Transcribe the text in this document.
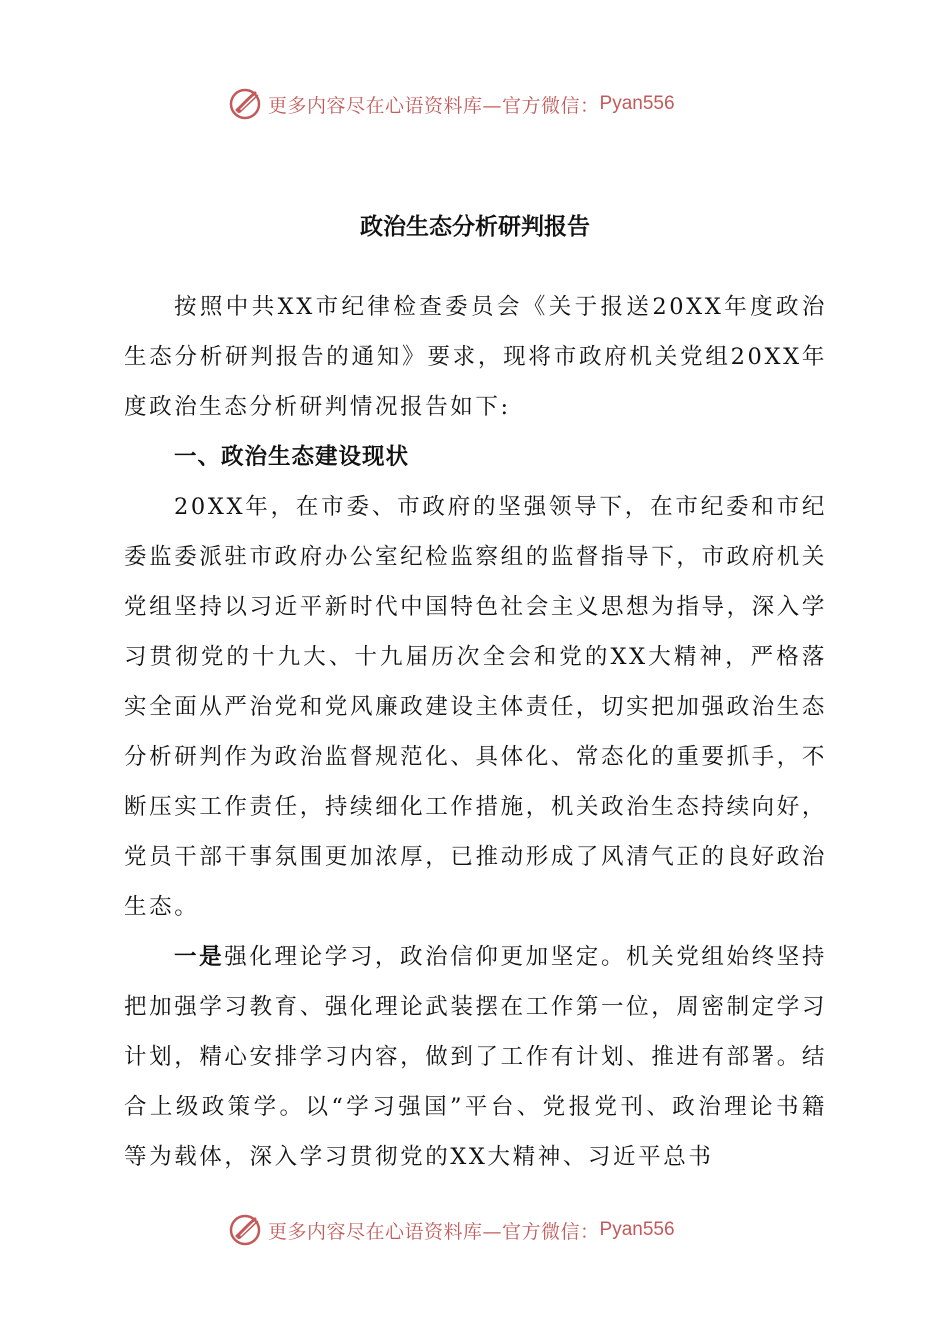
更多内容尽在心语资料库—官方微信： Pyan556
政治生态分析研判报告

按照中共XX市纪律检查委员会《关于报送20XX年度政治生态分析研判报告的通知》要求，现将市政府机关党组20XX年度政治生态分析研判情况报告如下:

一、政治生态建设现状

20XX年，在市委、市政府的坚强领导下，在市纪委和市纪委监委派驻市政府办公室纪检监察组的监督指导下，市政府机关党组坚持以习近平新时代中国特色社会主义思想为指导，深入学习贯彻党的十九大、十九届历次全会和党的XX大精神，严格落实全面从严治党和党风廉政建设主体责任，切实把加强政治生态分析研判作为政治监督规范化、具体化、常态化的重要抓手，不断压实工作责任，持续细化工作措施，机关政治生态持续向好，党员干部干事氛围更加浓厚，已推动形成了风清气正的良好政治生态。

一是强化理论学习，政治信仰更加坚定。机关党组始终坚持把加强学习教育、强化理论武装摆在工作第一位，周密制定学习计划，精心安排学习内容，做到了工作有计划、推进有部署。结合上级政策学。以“学习强国”平台、党报党刊、政治理论书籍等为载体，深入学习贯彻党的XX大精神、习近平总书

更多内容尽在心语资料库—官方微信： Pyan556
